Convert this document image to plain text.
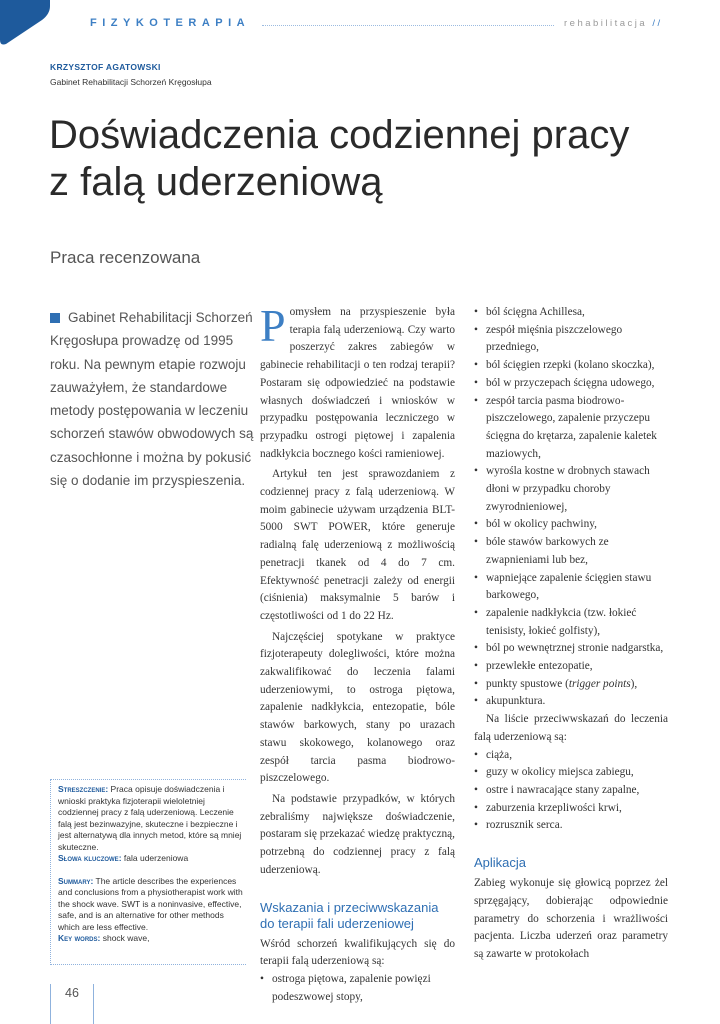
FIZYKOTERAPIA	rehabilitacja //
KRZYSZTOF AGATOWSKI
Gabinet Rehabilitacji Schorzeń Kręgosłupa
Doświadczenia codziennej pracy
z falą uderzeniową
Praca recenzowana
Gabinet Rehabilitacji Schorzeń Kręgosłupa prowadzę od 1995 roku. Na pewnym etapie rozwoju zauważyłem, że standardowe metody postępowania w leczeniu schorzeń stawów obwodowych są czasochłonne i można by pokusić się o dodanie im przyspieszenia.
Streszczenie: Praca opisuje doświadczenia i wnioski praktyka fizjoterapii wieloletniej codziennej pracy z falą uderzeniową. Leczenie falą jest bezinwazyjne, skuteczne i bezpieczne i jest alternatywą dla innych metod, które są mniej skuteczne.
Słowa kluczowe: fala uderzeniowa
Summary: The article describes the experiences and conclusions from a physiotherapist work with the shock wave. SWT is a noninvasive, effective, safe, and is an alternative for other methods which are less effective.
Key words: shock wave,
46

Pomysłem na przyspieszenie była terapia falą uderzeniową. Czy warto poszerzyć zakres zabiegów w gabinecie rehabilitacji o ten rodzaj terapii? Postaram się odpowiedzieć na podstawie własnych doświadczeń i wniosków w przypadku postępowania leczniczego w przypadku ostrogi piętowej i zapalenia nadkłykcia bocznego kości ramieniowej.

Artykuł ten jest sprawozdaniem z codziennej pracy z falą uderzeniową. W moim gabinecie używam urządzenia BLT-5000 SWT POWER, które generuje radialną falę uderzeniową z możliwością penetracji tkanek od 4 do 7 cm. Efektywność penetracji zależy od energii (ciśnienia) maksymalnie 5 barów i częstotliwości od 1 do 22 Hz.

Najczęściej spotykane w praktyce fizjoterapeuty dolegliwości, które można zakwalifikować do leczenia falami uderzeniowymi, to ostroga piętowa, zapalenie nadkłykcia, entezopatie, bóle stawów barkowych, stany po urazach stawu skokowego, kolanowego oraz zespół tarcia pasma biodrowo-piszczelowego.

Na podstawie przypadków, w których zebraliśmy największe doświadczenie, postaram się przekazać wiedzę praktyczną, potrzebną do codziennej pracy z falą uderzeniową.

Wskazania i przeciwwskazania do terapii fali uderzeniowej

Wśród schorzeń kwalifikujących się do terapii falą uderzeniową są:

• ostroga piętowa, zapalenie powięzi podeszwowej stopy,
• ból ścięgna Achillesa,
• zespół mięśnia piszczelowego przedniego,
• ból ścięgien rzepki (kolano skoczka),
• ból w przyczepach ścięgna udowego,
• zespół tarcia pasma biodrowo-piszczelowego, zapalenie przyczepu ścięgna do krętarza, zapalenie kaletek maziowych,
• wyrośla kostne w drobnych stawach dłoni w przypadku choroby zwyrodnieniowej,
• ból w okolicy pachwiny,
• bóle stawów barkowych ze zwapnieniami lub bez,
• wapniejące zapalenie ścięgien stawu barkowego,
• zapalenie nadkłykcia (tzw. łokieć tenisisty, łokieć golfisty),
• ból po wewnętrznej stronie nadgarstka,
• przewlekłe entezopatie,
• punkty spustowe (trigger points),
• akupunktura.

Na liście przeciwwskazań do leczenia falą uderzeniową są:

• ciąża,
• guzy w okolicy miejsca zabiegu,
• ostre i nawracające stany zapalne,
• zaburzenia krzepliwości krwi,
• rozrusznik serca.
Aplikacja

Zabieg wykonuje się głowicą poprzez żel sprzęgający, dobierając odpowiednie parametry do schorzenia i wrażliwości pacjenta. Liczba uderzeń oraz parametry są zawarte w protokołach
